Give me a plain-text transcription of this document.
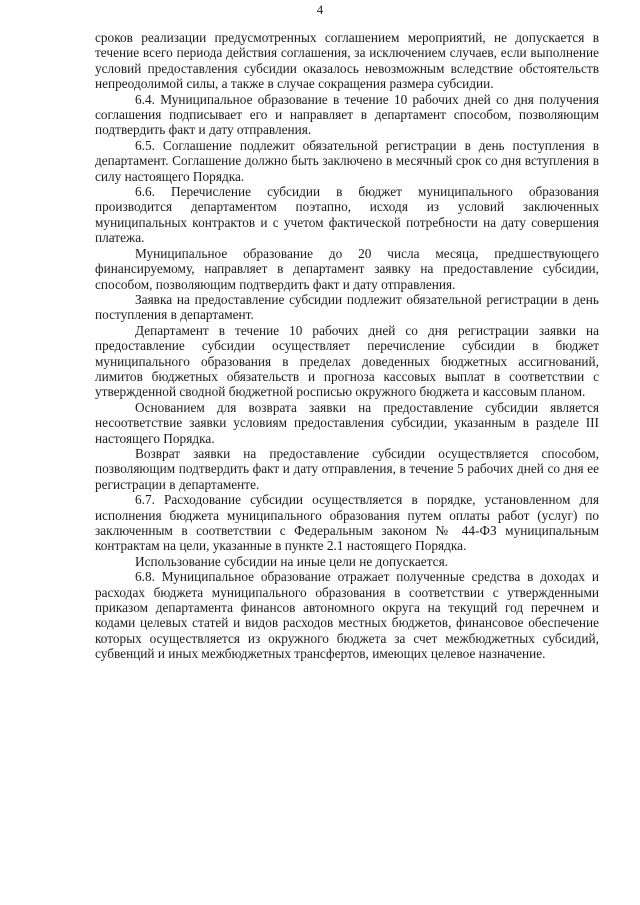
4

сроков реализации предусмотренных соглашением мероприятий, не допускается в течение всего периода действия соглашения, за исключением случаев, если выполнение условий предоставления субсидии оказалось невозможным вследствие обстоятельств непреодолимой силы, а также в случае сокращения размера субсидии.

6.4. Муниципальное образование в течение 10 рабочих дней со дня получения соглашения подписывает его и направляет в департамент способом, позволяющим подтвердить факт и дату отправления.

6.5. Соглашение подлежит обязательной регистрации в день поступления в департамент. Соглашение должно быть заключено в месячный срок со дня вступления в силу настоящего Порядка.

6.6. Перечисление субсидии в бюджет муниципального образования производится департаментом поэтапно, исходя из условий заключенных муниципальных контрактов и с учетом фактической потребности на дату совершения платежа.

Муниципальное образование до 20 числа месяца, предшествующего финансируемому, направляет в департамент заявку на предоставление субсидии, способом, позволяющим подтвердить факт и дату отправления.

Заявка на предоставление субсидии подлежит обязательной регистрации в день поступления в департамент.

Департамент в течение 10 рабочих дней со дня регистрации заявки на предоставление субсидии осуществляет перечисление субсидии в бюджет муниципального образования в пределах доведенных бюджетных ассигнований, лимитов бюджетных обязательств и прогноза кассовых выплат в соответствии с утвержденной сводной бюджетной росписью окружного бюджета и кассовым планом.

Основанием для возврата заявки на предоставление субсидии является несоответствие заявки условиям предоставления субсидии, указанным в разделе III настоящего Порядка.

Возврат заявки на предоставление субсидии осуществляется способом, позволяющим подтвердить факт и дату отправления, в течение 5 рабочих дней со дня ее регистрации в департаменте.

6.7. Расходование субсидии осуществляется в порядке, установленном для исполнения бюджета муниципального образования путем оплаты работ (услуг) по заключенным в соответствии с Федеральным законом № 44-ФЗ муниципальным контрактам на цели, указанные в пункте 2.1 настоящего Порядка.

Использование субсидии на иные цели не допускается.

6.8. Муниципальное образование отражает полученные средства в доходах и расходах бюджета муниципального образования в соответствии с утвержденными приказом департамента финансов автономного округа на текущий год перечнем и кодами целевых статей и видов расходов местных бюджетов, финансовое обеспечение которых осуществляется из окружного бюджета за счет межбюджетных субсидий, субвенций и иных межбюджетных трансфертов, имеющих целевое назначение.
